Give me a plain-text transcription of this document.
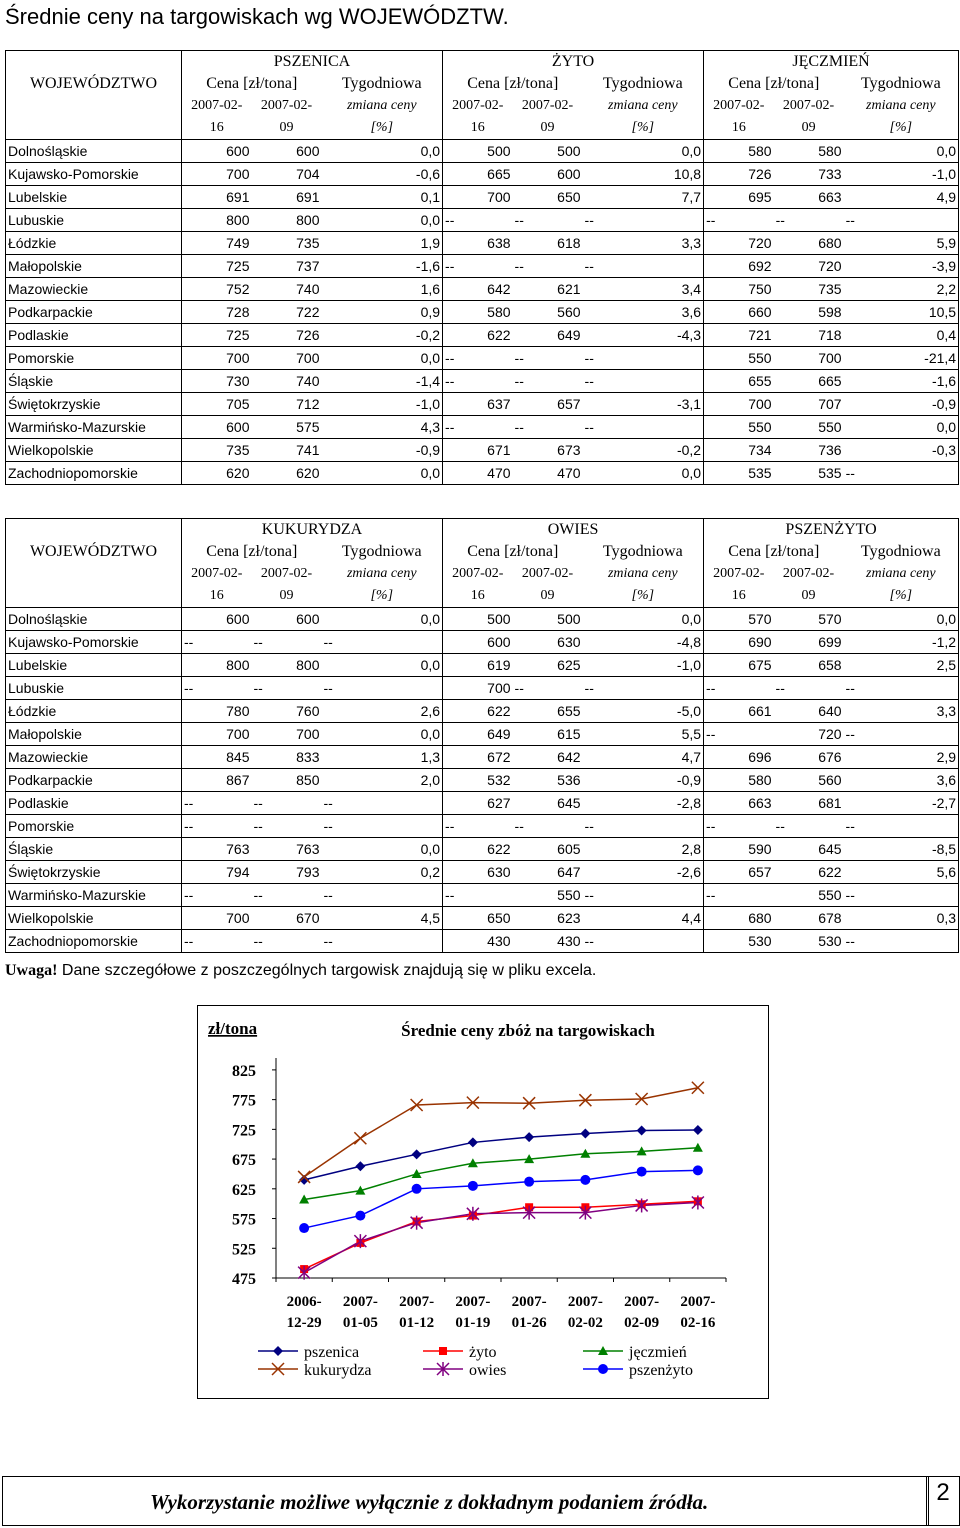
Średnie ceny na targowiskach wg WOJEWÓDZTW.
	PSZENICA			ŻYTO			JĘCZMIEŃ		
WOJEWÓDZTWO	Cena [zł/tona]		Tygodniowa	Cena [zł/tona]		Tygodniowa	Cena [zł/tona]		Tygodniowa
	2007-02-	2007-02-	zmiana ceny	2007-02-	2007-02-	zmiana ceny	2007-02-	2007-02-	zmiana ceny
	16	09	[%]	16	09	[%]	16	09	[%]
Dolnośląskie	600	600	0,0	500	500	0,0	580	580	0,0
Kujawsko-Pomorskie	700	704	-0,6	665	600	10,8	726	733	-1,0
Lubelskie	691	691	0,1	700	650	7,7	695	663	4,9
Lubuskie	800	800	0,0	--	--	--	--	--	--
Łódzkie	749	735	1,9	638	618	3,3	720	680	5,9
Małopolskie	725	737	-1,6	--	--	--	692	720	-3,9
Mazowieckie	752	740	1,6	642	621	3,4	750	735	2,2
Podkarpackie	728	722	0,9	580	560	3,6	660	598	10,5
Podlaskie	725	726	-0,2	622	649	-4,3	721	718	0,4
Pomorskie	700	700	0,0	--	--	--	550	700	-21,4
Śląskie	730	740	-1,4	--	--	--	655	665	-1,6
Świętokrzyskie	705	712	-1,0	637	657	-3,1	700	707	-0,9
Warmińsko-Mazurskie	600	575	4,3	--	--	--	550	550	0,0
Wielkopolskie	735	741	-0,9	671	673	-0,2	734	736	-0,3
Zachodniopomorskie	620	620	0,0	470	470	0,0	535	535	--
	KUKURYDZA			OWIES			PSZENŻYTO		
WOJEWÓDZTWO	Cena [zł/tona]		Tygodniowa	Cena [zł/tona]		Tygodniowa	Cena [zł/tona]		Tygodniowa
	2007-02-	2007-02-	zmiana ceny	2007-02-	2007-02-	zmiana ceny	2007-02-	2007-02-	zmiana ceny
	16	09	[%]	16	09	[%]	16	09	[%]
Dolnośląskie	600	600	0,0	500	500	0,0	570	570	0,0
Kujawsko-Pomorskie	--	--	--	600	630	-4,8	690	699	-1,2
Lubelskie	800	800	0,0	619	625	-1,0	675	658	2,5
Lubuskie	--	--	--	700	--	--	--	--	--
Łódzkie	780	760	2,6	622	655	-5,0	661	640	3,3
Małopolskie	700	700	0,0	649	615	5,5	--	720	--
Mazowieckie	845	833	1,3	672	642	4,7	696	676	2,9
Podkarpackie	867	850	2,0	532	536	-0,9	580	560	3,6
Podlaskie	--	--	--	627	645	-2,8	663	681	-2,7
Pomorskie	--	--	--	--	--	--	--	--	--
Śląskie	763	763	0,0	622	605	2,8	590	645	-8,5
Świętokrzyskie	794	793	0,2	630	647	-2,6	657	622	5,6
Warmińsko-Mazurskie	--	--	--	--	550	--	--	550	--
Wielkopolskie	700	670	4,5	650	623	4,4	680	678	0,3
Zachodniopomorskie	--	--	--	430	430	--	530	530	--
Uwaga! Dane szczegółowe z poszczególnych targowisk znajdują się w pliku excela.
Średnie ceny zbóż na targowiskach
zł/tona
825
775
725
675
625
575
525
475
2006-
12-29
2007-
01-05
2007-
01-12
2007-
01-19
2007-
01-26
2007-
02-02
2007-
02-09
2007-
02-16
pszenica	żyto	jęczmień
kukurydza	owies	pszenżyto
Wykorzystanie możliwe wyłącznie z dokładnym podaniem źródła.	2
